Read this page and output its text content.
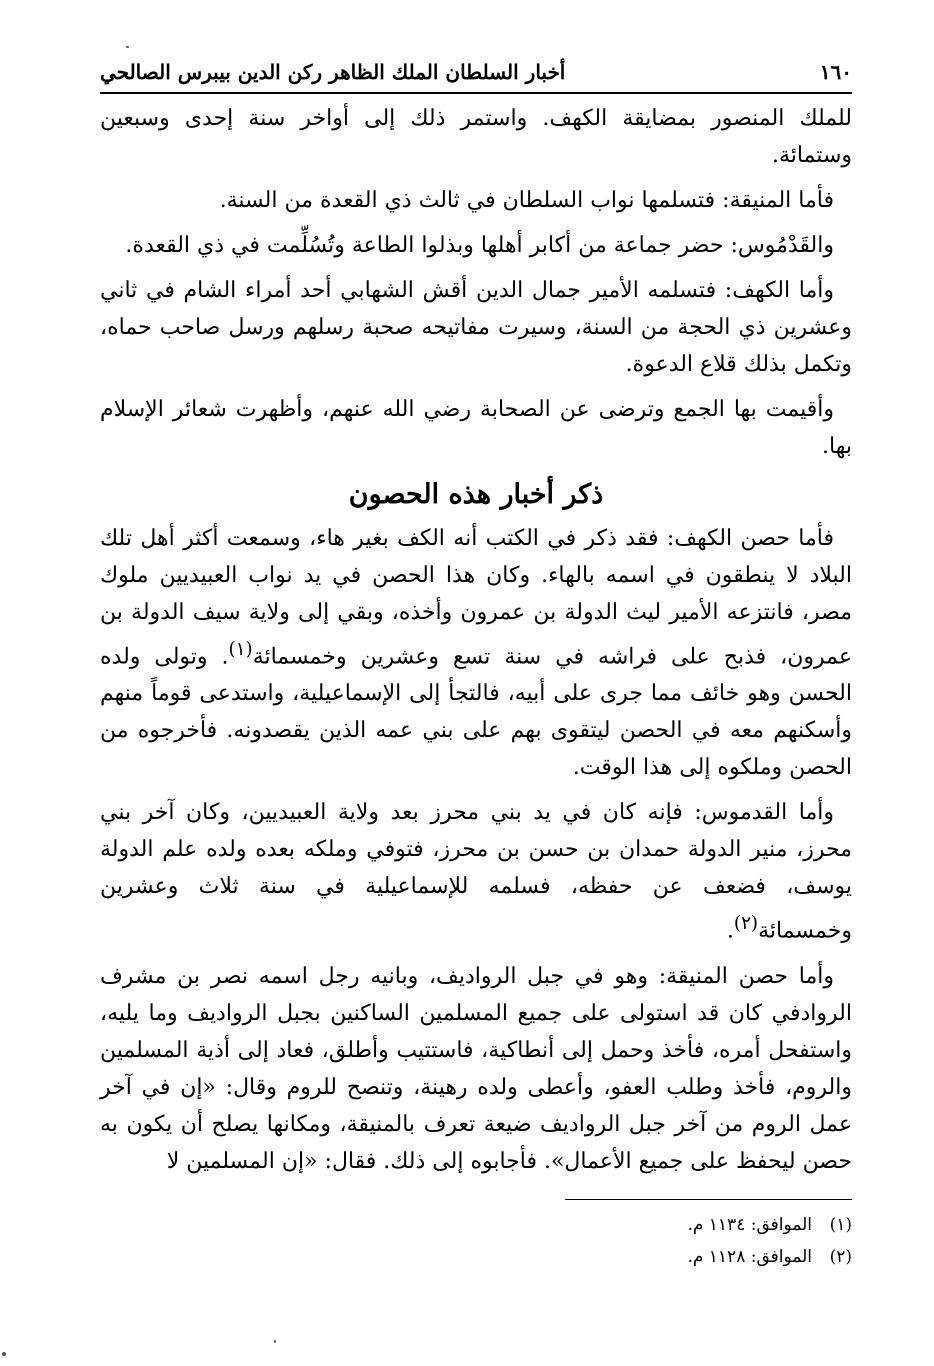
١٦٠
أخبار السلطان الملك الظاهر ركن الدين بيبرس الصالحي

للملك المنصور بمضايقة الكهف. واستمر ذلك إلى أواخر سنة إحدى وسبعين وستمائة.

فأما المنيقة: فتسلمها نواب السلطان في ثالث ذي القعدة من السنة.

والقَدْمُوس: حضر جماعة من أكابر أهلها وبذلوا الطاعة وتُسُلِّمت في ذي القعدة.

وأما الكهف: فتسلمه الأمير جمال الدين أقش الشهابي أحد أمراء الشام في ثاني وعشرين ذي الحجة من السنة، وسيرت مفاتيحه صحبة رسلهم ورسل صاحب حماه، وتكمل بذلك قلاع الدعوة.

وأقيمت بها الجمع وترضى عن الصحابة رضي الله عنهم، وأظهرت شعائر الإسلام بها.

ذكر أخبار هذه الحصون

فأما حصن الكهف: فقد ذكر في الكتب أنه الكف بغير هاء، وسمعت أكثر أهل تلك البلاد لا ينطقون في اسمه بالهاء. وكان هذا الحصن في يد نواب العبيديين ملوك مصر، فانتزعه الأمير ليث الدولة بن عمرون وأخذه، وبقي إلى ولاية سيف الدولة بن عمرون، فذبح على فراشه في سنة تسع وعشرين وخمسمائة$^{(١)}$. وتولى ولده الحسن وهو خائف مما جرى على أبيه، فالتجأ إلى الإسماعيلية، واستدعى قوماً منهم وأسكنهم معه في الحصن ليتقوى بهم على بني عمه الذين يقصدونه. فأخرجوه من الحصن وملكوه إلى هذا الوقت.

وأما القدموس: فإنه كان في يد بني محرز بعد ولاية العبيديين، وكان آخر بني محرز، منير الدولة حمدان بن حسن بن محرز، فتوفي وملكه بعده ولده علم الدولة يوسف، فضعف عن حفظه، فسلمه للإسماعيلية في سنة ثلاث وعشرين وخمسمائة$^{(٢)}$.

وأما حصن المنيقة: وهو في جبل الرواديف، وبانيه رجل اسمه نصر بن مشرف الروادفي كان قد استولى على جميع المسلمين الساكنين بجبل الرواديف وما يليه، واستفحل أمره، فأخذ وحمل إلى أنطاكية، فاستتيب وأطلق، فعاد إلى أذية المسلمين والروم، فأخذ وطلب العفو، وأعطى ولده رهينة، وتنصح للروم وقال: «إن في آخر عمل الروم من آخر جبل الرواديف ضيعة تعرف بالمنيقة، ومكانها يصلح أن يكون به حصن ليحفظ على جميع الأعمال». فأجابوه إلى ذلك. فقال: «إن المسلمين لا

(١)الموافق: ١١٣٤ م.
(٢)الموافق: ١١٢٨ م.
